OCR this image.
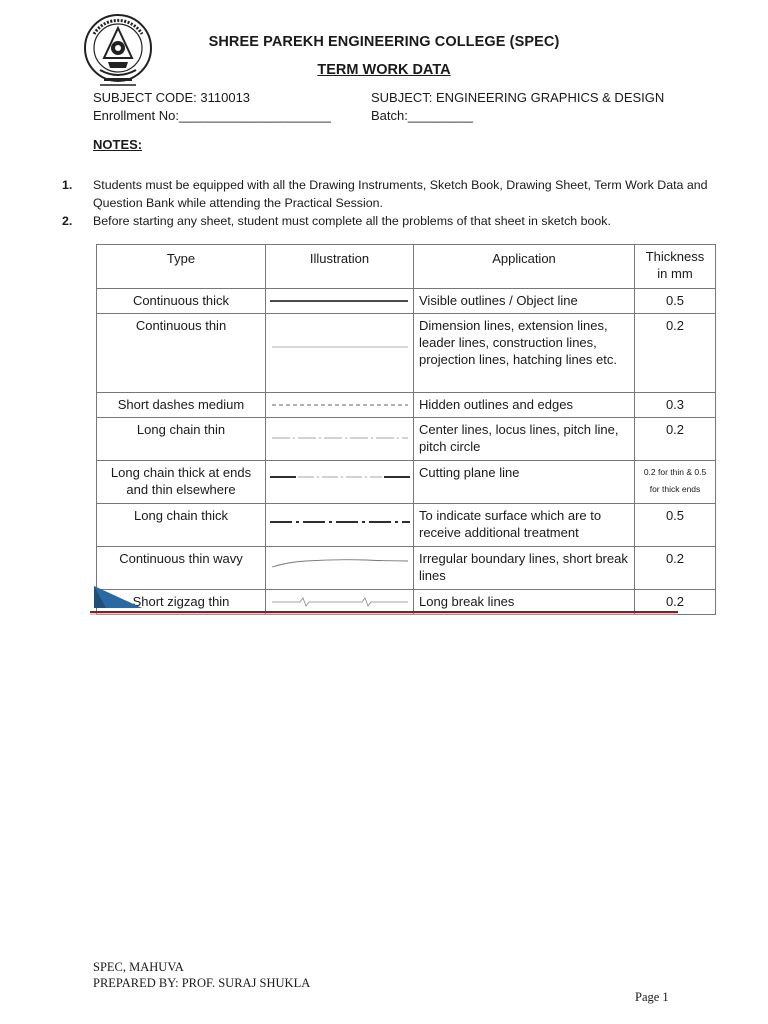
SHREE PAREKH ENGINEERING COLLEGE (SPEC)
TERM WORK DATA
SUBJECT CODE: 3110013	SUBJECT: ENGINEERING GRAPHICS & DESIGN
Enrollment No:_____________________	Batch:_________
NOTES:
1. Students must be equipped with all the Drawing Instruments, Sketch Book, Drawing Sheet, Term Work Data and Question Bank while attending the Practical Session.
2. Before starting any sheet, student must complete all the problems of that sheet in sketch book.
Type	Illustration	Application	Thickness in mm
Continuous thick		Visible outlines / Object line	0.5
Continuous thin		Dimension lines, extension lines, leader lines, construction lines, projection lines, hatching lines etc.	0.2
Short dashes medium		Hidden outlines and edges	0.3
Long chain thin		Center lines, locus lines, pitch line, pitch circle	0.2
Long chain thick at ends and thin elsewhere		Cutting plane line	0.2 for thin & 0.5 for thick ends
Long chain thick		To indicate surface which are to receive additional treatment	0.5
Continuous thin wavy		Irregular boundary lines, short break lines	0.2
Short zigzag thin		Long break lines	0.2
SPEC, MAHUVA
PREPARED BY: PROF. SURAJ SHUKLA
Page 1
